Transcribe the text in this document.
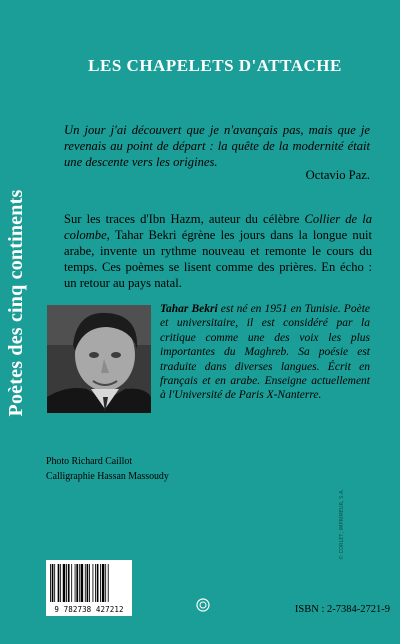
Poètes des cinq continents
LES CHAPELETS D'ATTACHE
Un jour j'ai découvert que je n'avançais pas, mais que je revenais au point de départ : la quête de la modernité était une descente vers les origines.
Octavio Paz.
Sur les traces d'Ibn Hazm, auteur du célèbre Collier de la colombe, Tahar Bekri égrène les jours dans la longue nuit arabe, invente un rythme nouveau et remonte le cours du temps. Ces poèmes se lisent comme des prières. En écho : un retour au pays natal.
Tahar Bekri est né en 1951 en Tunisie. Poète et universitaire, il est considéré par la critique comme une des voix les plus importantes du Maghreb. Sa poésie est traduite dans diverses langues. Écrit en français et en arabe. Enseigne actuellement à l'Université de Paris X-Nanterre.
Photo Richard Caillot
Calligraphie Hassan Massoudy
9 782738 427212	ISBN : 2-7384-2721-9
© CORLET, IMPRIMEUR, S.A.
